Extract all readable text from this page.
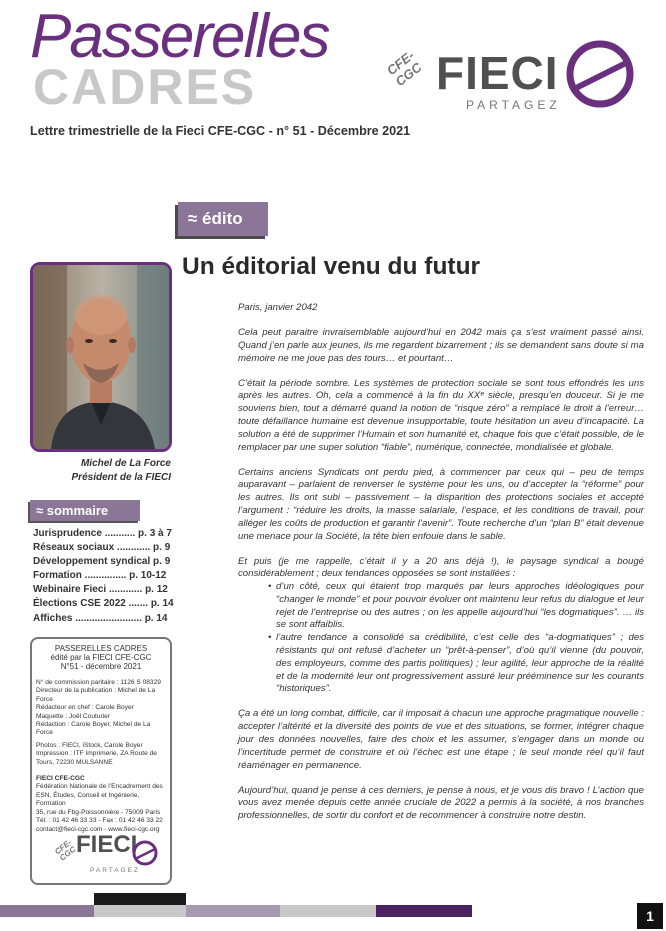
CADRES
Passerelles	CFE-CGC FIECI
PARTAGEZ
Lettre trimestrielle de la Fieci CFE-CGC - n° 51 - Décembre 2021
≈ édito
Un éditorial venu du futur
Michel de La Force
Président de la FIECI
≈ sommaire
Jurisprudence ........... p. 3 à 7
Réseaux sociaux ............ p. 9
Développement syndical p. 9
Formation ............... p. 10-12
Webinaire Fieci ............ p. 12
Élections CSE 2022 ....... p. 14
Affiches ........................ p. 14
PASSERELLES CADRES
édité par la FIECI CFE-CGC
N°51 - décembre 2021

N° de commission paritaire : 1126 S 08329

Directeur de la publication : Michel de La Force

Rédacteur en chef : Carole Boyer

Maquette : Joël Couturier

Rédaction : Carole Boyer, Michel de La Force

Photos : FIECI, iStock, Carole Boyer

Impression : ITF Imprimerie, ZA Route de Tours, 72230 MULSANNE

FIECI CFE-CGC

Fédération Nationale de l’Encadrement des ESN, Études, Conseil et Ingénierie, Formation

35, rue du Fbg-Poissonnière - 75009 Paris

Tél. : 01 42 46 33 33 - Fax : 01 42 46 33 22

contact@fieci-cgc.com - www.fieci-cgc.org

CFE-CGC
FIECI
PARTAGEZ

Paris, janvier 2042

Cela peut paraitre invraisemblable aujourd’hui en 2042 mais ça s’est vraiment passé ainsi. Quand j’en parle aux jeunes, ils me regardent bizarrement ; ils se demandent sans doute si ma mémoire ne me joue pas des tours… et pourtant…

C’était la période sombre. Les systèmes de protection sociale se sont tous effondrés les uns après les autres. Oh, cela a commencé à la fin du XXᵉ siècle, presqu’en douceur. Si je me souviens bien, tout a démarré quand la notion de “risque zéro” a remplacé le droit à l’erreur… toute défaillance humaine est devenue insupportable, toute hésitation un aveu d’incapacité. La solution a été de supprimer l’Humain et son humanité et, chaque fois que c’était possible, de le remplacer par une super solution “fiable”, numérique, connectée, mondialisée et globale.

Certains anciens Syndicats ont perdu pied, à commencer par ceux qui – peu de temps auparavant – parlaient de renverser le système pour les uns, ou d’accepter la “réforme” pour les autres. Ils ont subi – passivement – la disparition des protections sociales et accepté l’argument : “réduire les droits, la masse salariale, l’espace, et les conditions de travail, pour alléger les coûts de production et garantir l’avenir”. Toute recherche d’un “plan B” était devenue une menace pour la Société, la tête bien enfouie dans le sable.

Et puis (je me rappelle, c’était il y a 20 ans déjà !), le paysage syndical a bougé considérablement ; deux tendances opposées se sont installées :

• d’un côté, ceux qui étaient trop marqués par leurs approches idéologiques pour “changer le monde” et pour pouvoir évoluer ont maintenu leur refus du dialogue et leur rejet de l’entreprise ou des autres ; on les appelle aujourd’hui “les dogmatiques”. … ils se sont affaiblis.
• l’autre tendance a consolidé sa crédibilité, c’est celle des “a-dogmatiques” ; des résistants qui ont refusé d’acheter un “prêt-à-penser”, d’où qu’il vienne (du pouvoir, des employeurs, comme des partis politiques) ; leur agilité, leur approche de la réalité et de la modernité leur ont progressivement assuré leur prééminence sur les courants “historiques”.

Ça a été un long combat, difficile, car il imposait à chacun une approche pragmatique nouvelle : accepter l’altérité et la diversité des points de vue et des situations, se former, intégrer chaque jour des données nouvelles, faire des choix et les assumer, s’engager dans un monde ou l’incertitude permet de construire et où l’échec est une étape ; le seul monde réel qu’il faut réaménager en permanence.

Aujourd’hui, quand je pense à ces derniers, je pense à nous, et je vous dis bravo ! L’action que vous avez menée depuis cette année cruciale de 2022 a permis à la société, à nos branches professionnelles, de sortir du confort et de recommencer à construire notre destin.

1
